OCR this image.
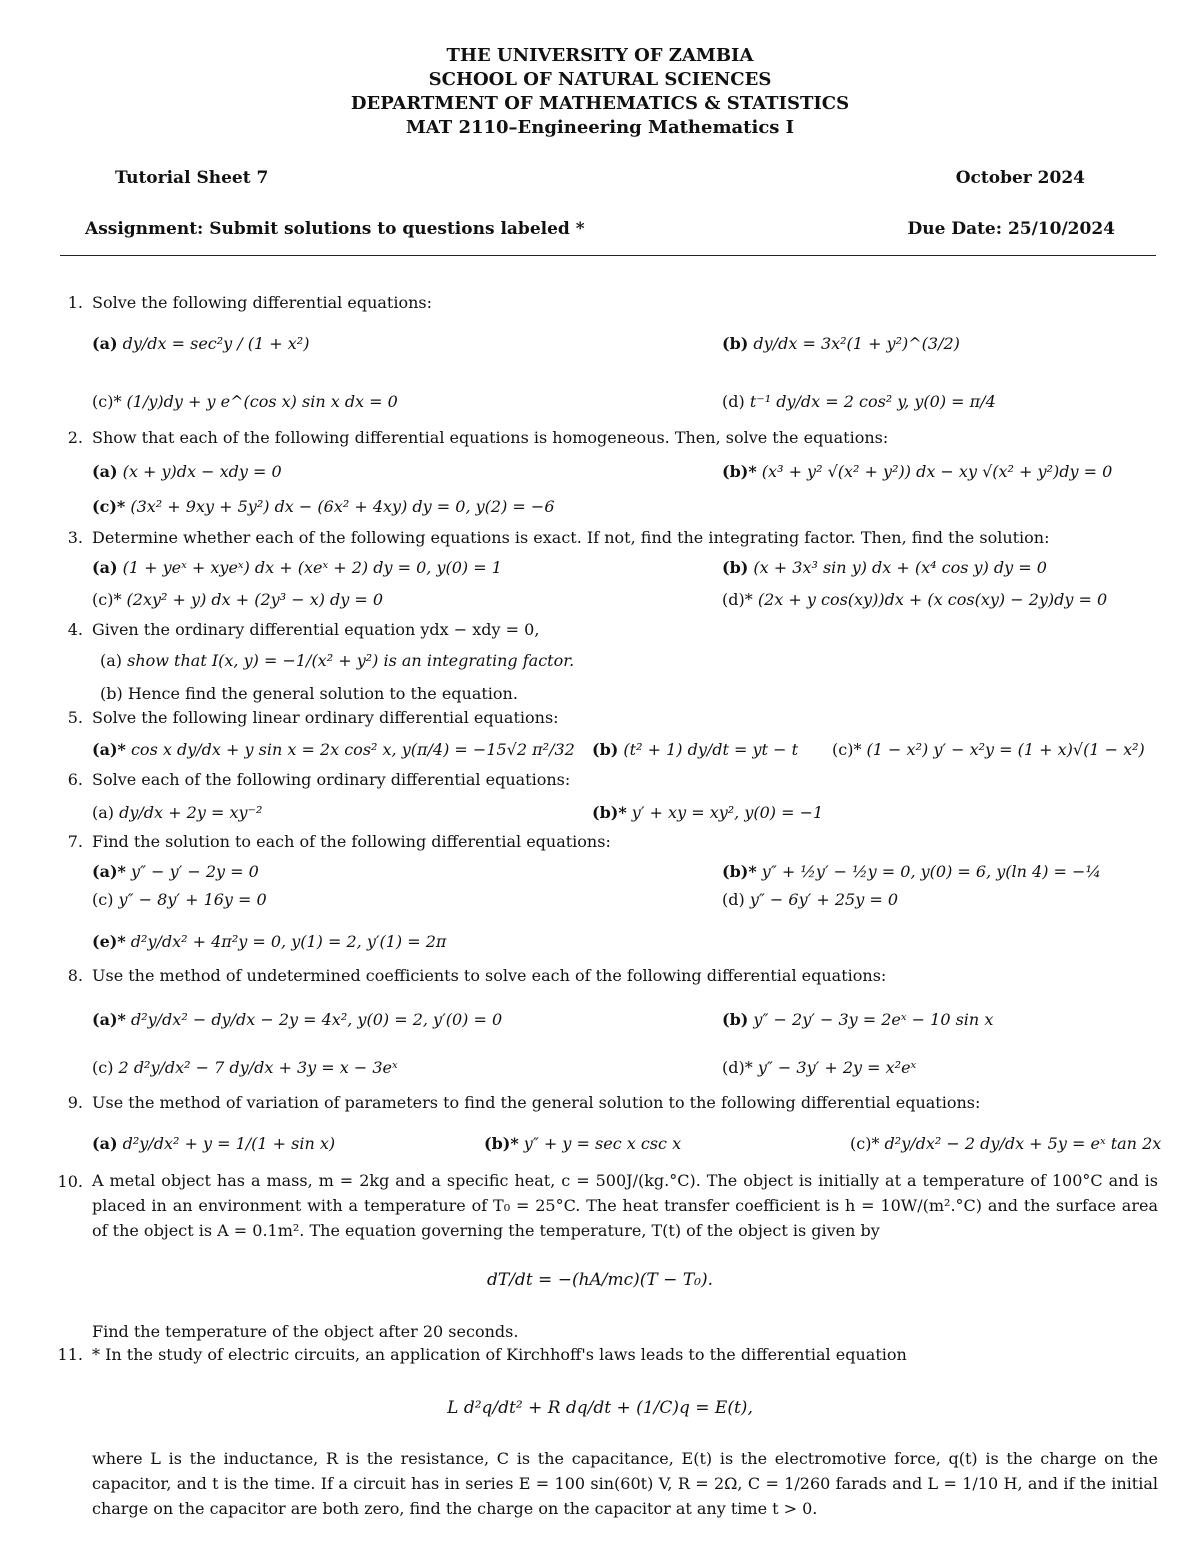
THE UNIVERSITY OF ZAMBIA
SCHOOL OF NATURAL SCIENCES
DEPARTMENT OF MATHEMATICS & STATISTICS
MAT 2110–Engineering Mathematics I
Tutorial Sheet 7	October 2024
Assignment: Submit solutions to questions labeled *	Due Date: 25/10/2024
1. Solve the following differential equations:
(a) dy/dx = sec²y / (1 + x²)	(b) dy/dx = 3x²(1 + y²)^(3/2)
(c)* (1/y)dy + y e^(cos x) sin x dx = 0	(d) t⁻¹ dy/dx = 2 cos² y, y(0) = π/4
2. Show that each of the following differential equations is homogeneous. Then, solve the equations:
(a) (x + y)dx − xdy = 0	(b)* (x³ + y² √(x² + y²)) dx − xy √(x² + y²)dy = 0
(c)* (3x² + 9xy + 5y²) dx − (6x² + 4xy) dy = 0, y(2) = −6
3. Determine whether each of the following equations is exact. If not, find the integrating factor. Then, find the solution:
(a) (1 + yeˣ + xyeˣ) dx + (xeˣ + 2) dy = 0, y(0) = 1	(b) (x + 3x³ sin y) dx + (x⁴ cos y) dy = 0
(c)* (2xy² + y) dx + (2y³ − x) dy = 0	(d)* (2x + y cos(xy))dx + (x cos(xy) − 2y)dy = 0
4. Given the ordinary differential equation ydx − xdy = 0,
(a) show that I(x, y) = −1/(x² + y²) is an integrating factor.
(b) Hence find the general solution to the equation.
5. Solve the following linear ordinary differential equations:
(a)* cos x dy/dx + y sin x = 2x cos² x, y(π/4) = −15√2 π²/32 (b) (t² + 1) dy/dt = yt − t (c)* (1 − x²) y′ − x²y = (1 + x)√(1 − x²)
6. Solve each of the following ordinary differential equations:
(a) dy/dx + 2y = xy⁻²	(b)* y′ + xy = xy², y(0) = −1
7. Find the solution to each of the following differential equations:
(a)* y″ − y′ − 2y = 0	(b)* y″ + ½y′ − ½y = 0, y(0) = 6, y(ln 4) = −¼
(c) y″ − 8y′ + 16y = 0	(d) y″ − 6y′ + 25y = 0
(e)* d²y/dx² + 4π²y = 0, y(1) = 2, y′(1) = 2π
8. Use the method of undetermined coefficients to solve each of the following differential equations:
(a)* d²y/dx² − dy/dx − 2y = 4x², y(0) = 2, y′(0) = 0	(b) y″ − 2y′ − 3y = 2eˣ − 10 sin x
(c) 2 d²y/dx² − 7 dy/dx + 3y = x − 3eˣ	(d)* y″ − 3y′ + 2y = x²eˣ
9. Use the method of variation of parameters to find the general solution to the following differential equations:
(a) d²y/dx² + y = 1/(1 + sin x)	(b)* y″ + y = sec x csc x	(c)* d²y/dx² − 2 dy/dx + 5y = eˣ tan 2x
10. A metal object has a mass, m = 2kg and a specific heat, c = 500J/(kg.°C). The object is initially at a temperature of 100°C and is placed in an environment with a temperature of T₀ = 25°C. The heat transfer coefficient is h = 10W/(m².°C) and the surface area of the object is A = 0.1m². The equation governing the temperature, T(t) of the object is given by
dT/dt = −(hA/mc)(T − T₀).
Find the temperature of the object after 20 seconds.
11. * In the study of electric circuits, an application of Kirchhoff's laws leads to the differential equation
L d²q/dt² + R dq/dt + (1/C)q = E(t),
where L is the inductance, R is the resistance, C is the capacitance, E(t) is the electromotive force, q(t) is the charge on the capacitor, and t is the time. If a circuit has in series E = 100 sin(60t) V, R = 2Ω, C = 1/260 farads and L = 1/10 H, and if the initial charge on the capacitor are both zero, find the charge on the capacitor at any time t > 0.
